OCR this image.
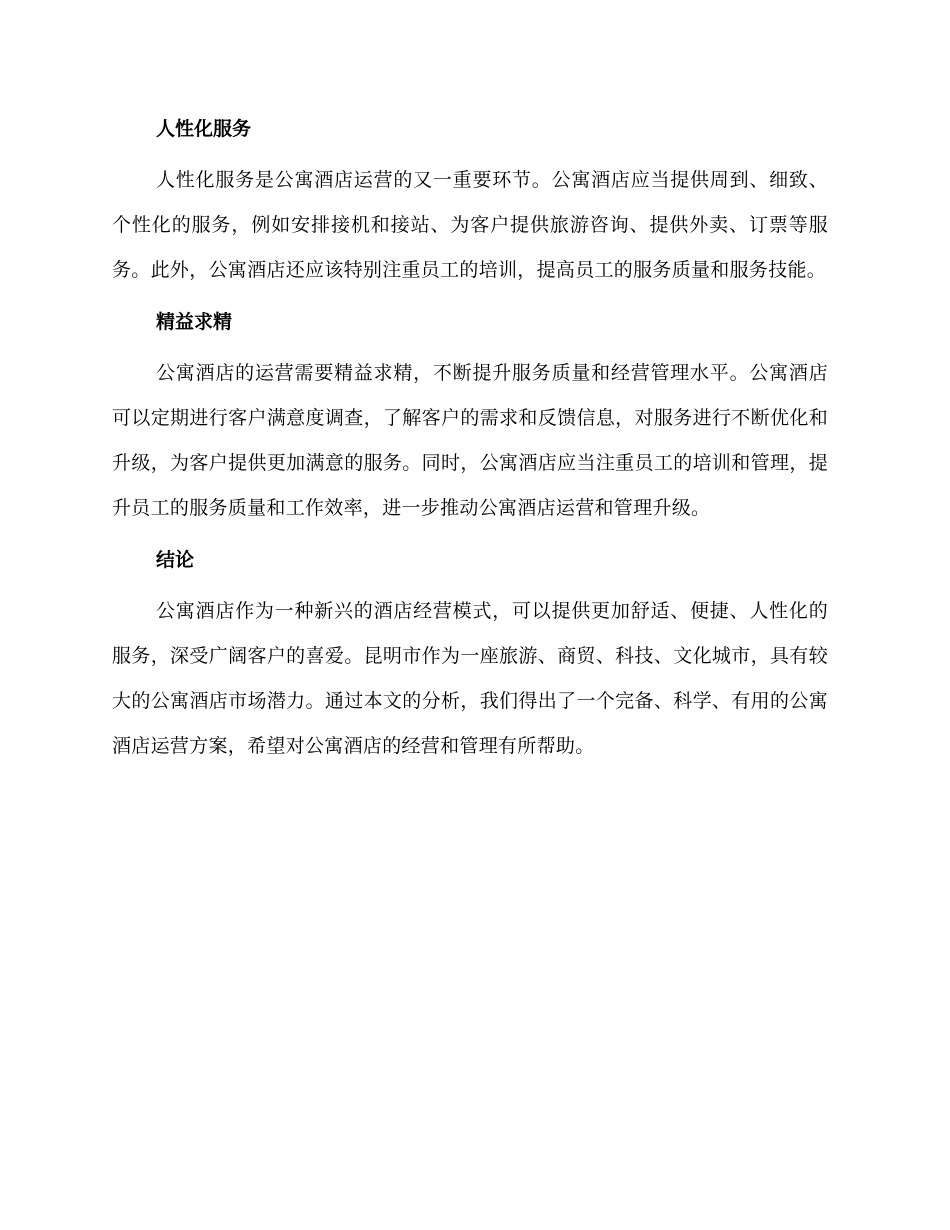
人性化服务

人性化服务是公寓酒店运营的又一重要环节。公寓酒店应当提供周到、细致、个性化的服务，例如安排接机和接站、为客户提供旅游咨询、提供外卖、订票等服务。此外，公寓酒店还应该特别注重员工的培训，提高员工的服务质量和服务技能。

精益求精

公寓酒店的运营需要精益求精，不断提升服务质量和经营管理水平。公寓酒店可以定期进行客户满意度调查，了解客户的需求和反馈信息，对服务进行不断优化和升级，为客户提供更加满意的服务。同时，公寓酒店应当注重员工的培训和管理，提升员工的服务质量和工作效率，进一步推动公寓酒店运营和管理升级。

结论

公寓酒店作为一种新兴的酒店经营模式，可以提供更加舒适、便捷、人性化的服务，深受广阔客户的喜爱。昆明市作为一座旅游、商贸、科技、文化城市，具有较大的公寓酒店市场潜力。通过本文的分析，我们得出了一个完备、科学、有用的公寓酒店运营方案，希望对公寓酒店的经营和管理有所帮助。
